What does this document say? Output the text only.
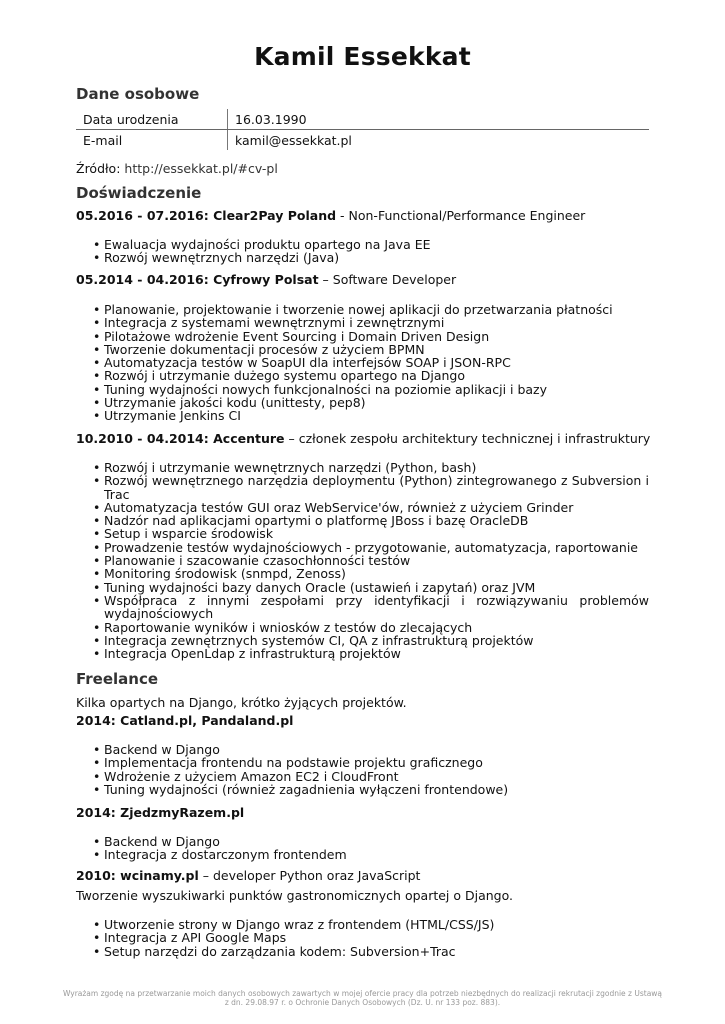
Kamil Essekkat
Dane osobowe
Data urodzenia	16.03.1990
E-mail	kamil@essekkat.pl
Źródło: http://essekkat.pl/#cv-pl
Doświadczenie
05.2016 - 07.2016: Clear2Pay Poland - Non-Functional/Performance Engineer
• Ewaluacja wydajności produktu opartego na Java EE
• Rozwój wewnętrznych narzędzi (Java)
05.2014 - 04.2016: Cyfrowy Polsat – Software Developer
• Planowanie, projektowanie i tworzenie nowej aplikacji do przetwarzania płatności
• Integracja z systemami wewnętrznymi i zewnętrznymi
• Pilotażowe wdrożenie Event Sourcing i Domain Driven Design
• Tworzenie dokumentacji procesów z użyciem BPMN
• Automatyzacja testów w SoapUI dla interfejsów SOAP i JSON-RPC
• Rozwój i utrzymanie dużego systemu opartego na Django
• Tuning wydajności nowych funkcjonalności na poziomie aplikacji i bazy
• Utrzymanie jakości kodu (unittesty, pep8)
• Utrzymanie Jenkins CI
10.2010 - 04.2014: Accenture – członek zespołu architektury technicznej i infrastruktury
• Rozwój i utrzymanie wewnętrznych narzędzi (Python, bash)
• Rozwój wewnętrznego narzędzia deploymentu (Python) zintegrowanego z Subversion i Trac
• Automatyzacja testów GUI oraz WebService'ów, również z użyciem Grinder
• Nadzór nad aplikacjami opartymi o platformę JBoss i bazę OracleDB
• Setup i wsparcie środowisk
• Prowadzenie testów wydajnościowych - przygotowanie, automatyzacja, raportowanie
• Planowanie i szacowanie czasochłonności testów
• Monitoring środowisk (snmpd, Zenoss)
• Tuning wydajności bazy danych Oracle (ustawień i zapytań) oraz JVM
• Współpraca z innymi zespołami przy identyfikacji i rozwiązywaniu problemów wydajnościowych
• Raportowanie wyników i wniosków z testów do zlecających
• Integracja zewnętrznych systemów CI, QA z infrastrukturą projektów
• Integracja OpenLdap z infrastrukturą projektów
Freelance
Kilka opartych na Django, krótko żyjących projektów.
2014: Catland.pl, Pandaland.pl
• Backend w Django
• Implementacja frontendu na podstawie projektu graficznego
• Wdrożenie z użyciem Amazon EC2 i CloudFront
• Tuning wydajności (również zagadnienia wyłączeni frontendowe)
2014: ZjedzmyRazem.pl
• Backend w Django
• Integracja z dostarczonym frontendem
2010: wcinamy.pl – developer Python oraz JavaScript
Tworzenie wyszukiwarki punktów gastronomicznych opartej o Django.
• Utworzenie strony w Django wraz z frontendem (HTML/CSS/JS)
• Integracja z API Google Maps
• Setup narzędzi do zarządzania kodem: Subversion+Trac
Wyrażam zgodę na przetwarzanie moich danych osobowych zawartych w mojej ofercie pracy dla potrzeb niezbędnych do realizacji rekrutacji zgodnie z Ustawą
z dn. 29.08.97 r. o Ochronie Danych Osobowych (Dz. U. nr 133 poz. 883).
